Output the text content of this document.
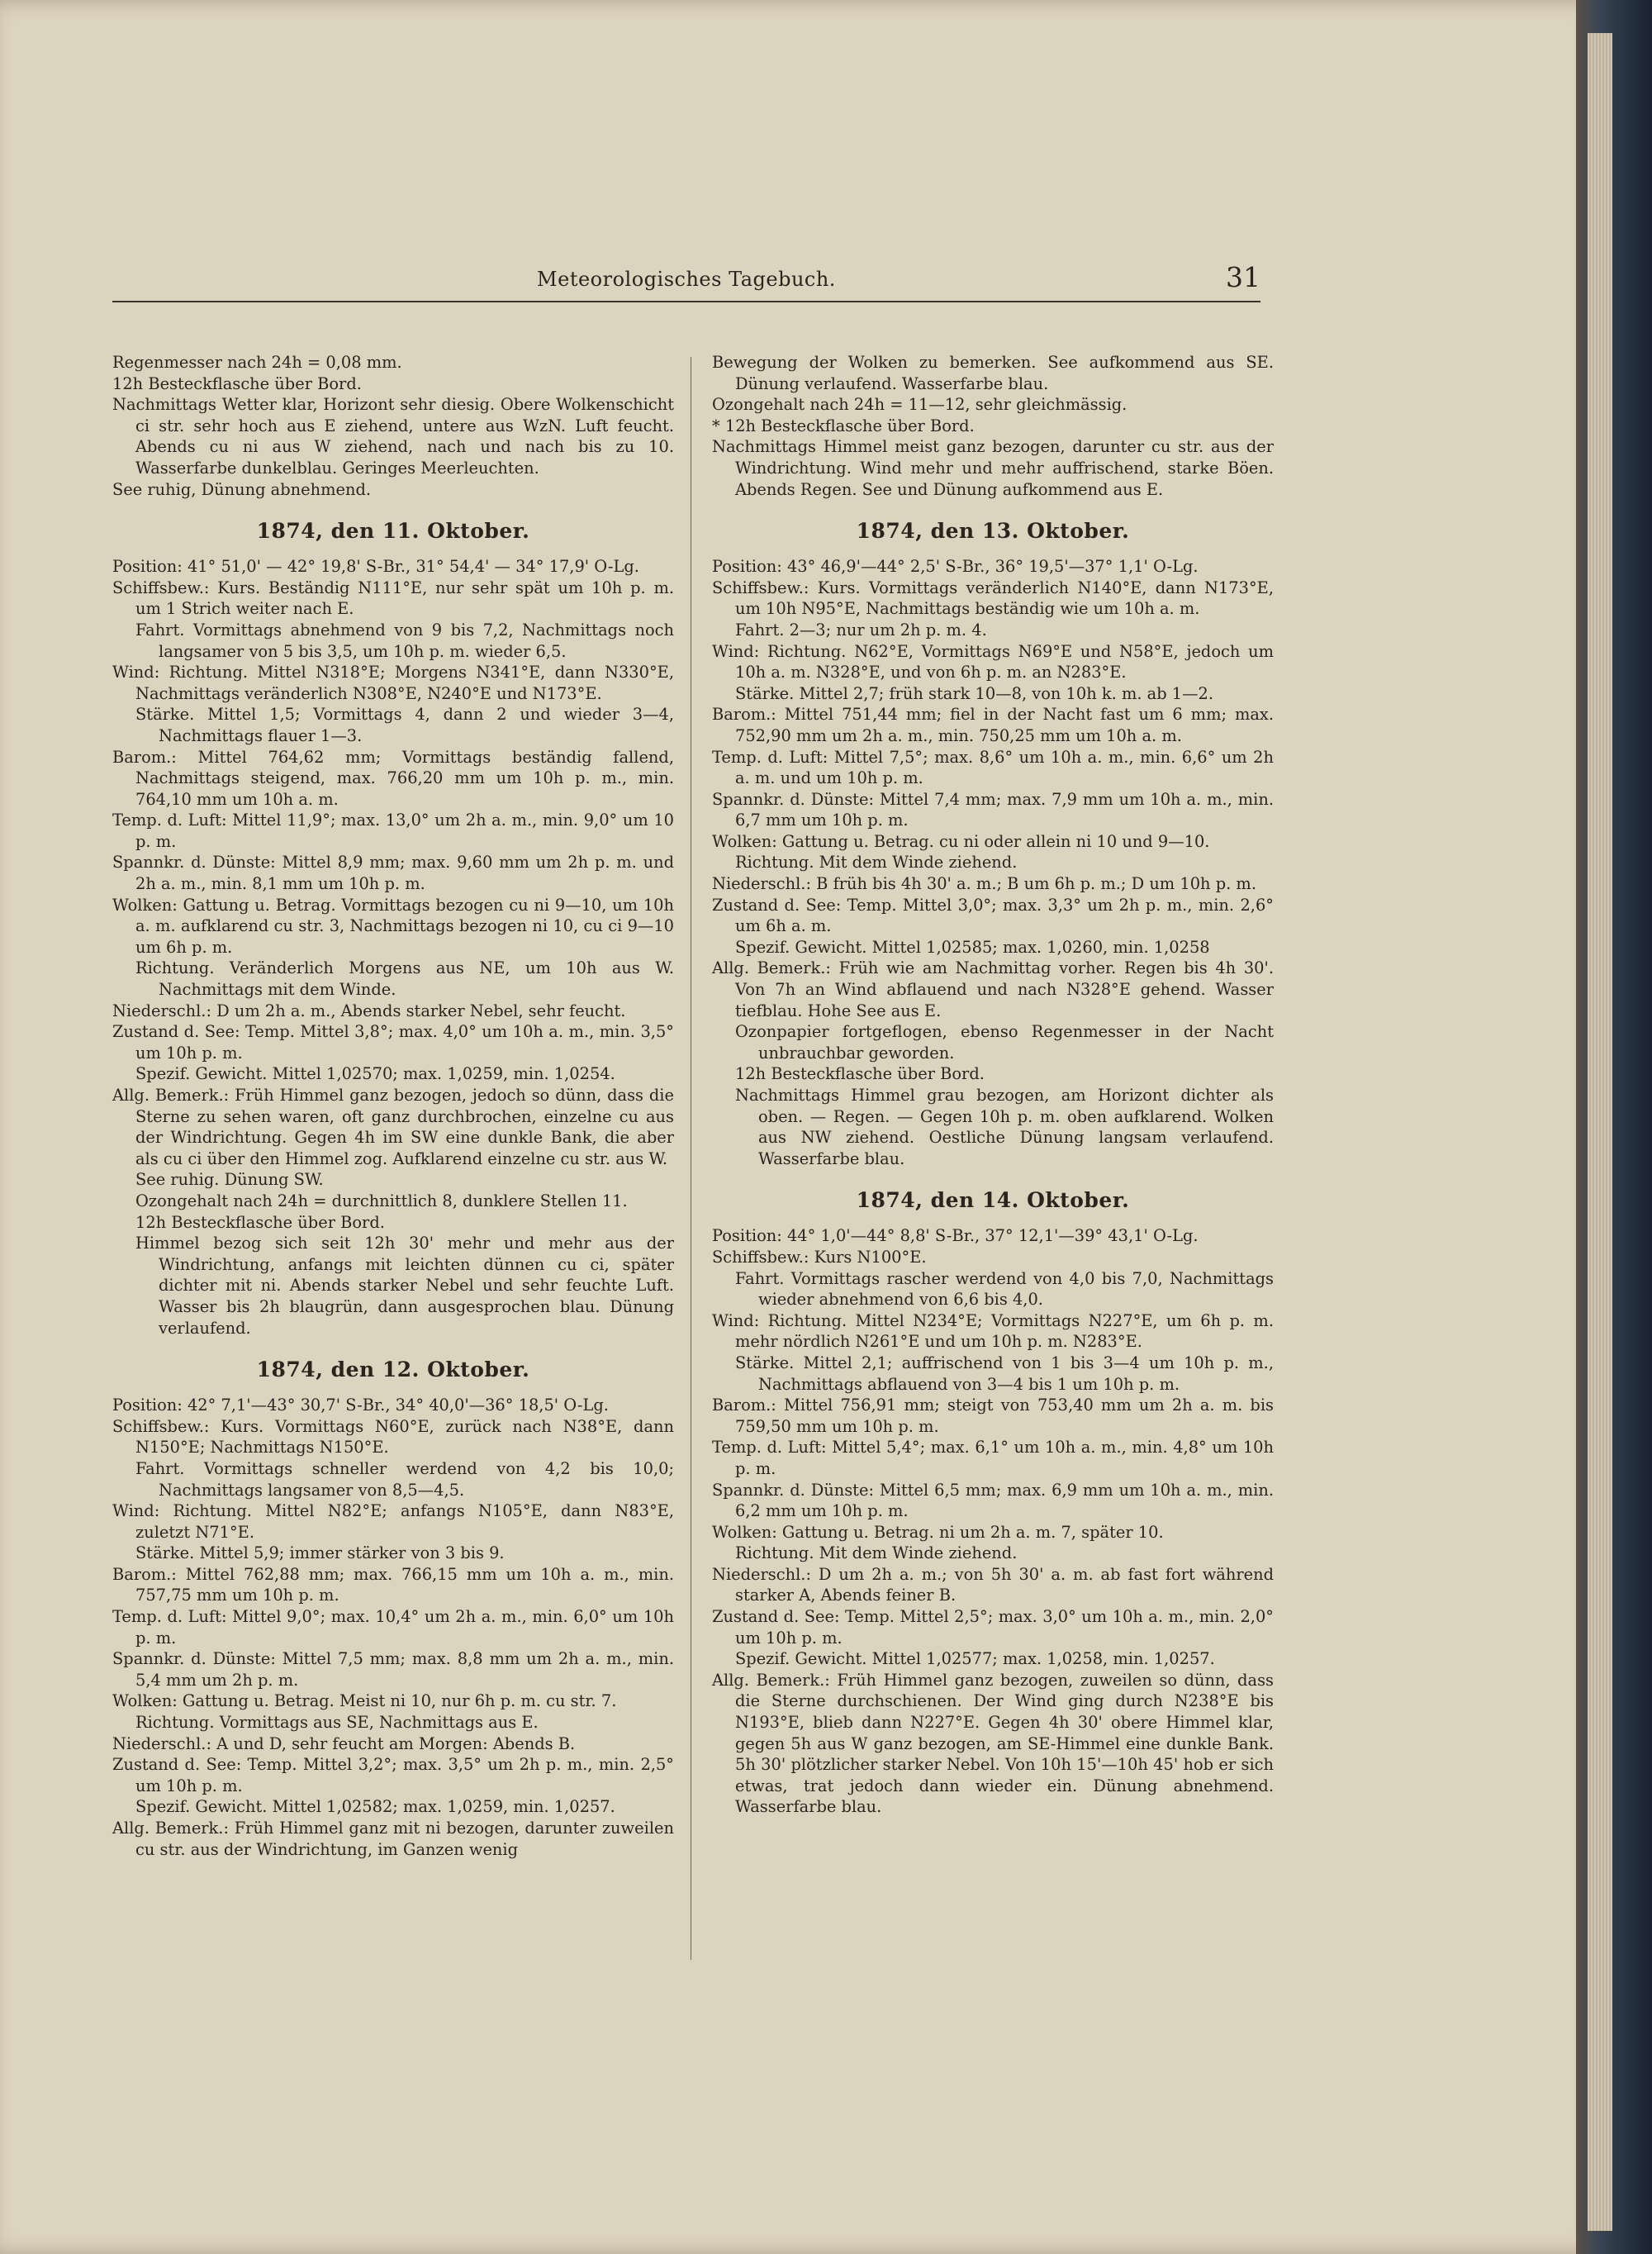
Meteorologisches Tagebuch.	31

Regenmesser nach 24h = 0,08 mm.

12h Besteckflasche über Bord.

Nachmittags Wetter klar, Horizont sehr diesig. Obere Wolkenschicht ci str. sehr hoch aus E ziehend, untere aus WzN. Luft feucht. Abends cu ni aus W ziehend, nach und nach bis zu 10. Wasserfarbe dunkelblau. Geringes Meerleuchten.

See ruhig, Dünung abnehmend.

1874, den 11. Oktober.

Position: 41° 51,0' — 42° 19,8' S-Br., 31° 54,4' — 34° 17,9' O-Lg.

Schiffsbew.: Kurs. Beständig N111°E, nur sehr spät um 10h p. m. um 1 Strich weiter nach E.

Fahrt. Vormittags abnehmend von 9 bis 7,2, Nachmittags noch langsamer von 5 bis 3,5, um 10h p. m. wieder 6,5.

Wind: Richtung. Mittel N318°E; Morgens N341°E, dann N330°E, Nachmittags veränderlich N308°E, N240°E und N173°E.

Stärke. Mittel 1,5; Vormittags 4, dann 2 und wieder 3—4, Nachmittags flauer 1—3.

Barom.: Mittel 764,62 mm; Vormittags beständig fallend, Nachmittags steigend, max. 766,20 mm um 10h p. m., min. 764,10 mm um 10h a. m.

Temp. d. Luft: Mittel 11,9°; max. 13,0° um 2h a. m., min. 9,0° um 10 p. m.

Spannkr. d. Dünste: Mittel 8,9 mm; max. 9,60 mm um 2h p. m. und 2h a. m., min. 8,1 mm um 10h p. m.

Wolken: Gattung u. Betrag. Vormittags bezogen cu ni 9—10, um 10h a. m. aufklarend cu str. 3, Nachmittags bezogen ni 10, cu ci 9—10 um 6h p. m.

Richtung. Veränderlich Morgens aus NE, um 10h aus W. Nachmittags mit dem Winde.

Niederschl.: D um 2h a. m., Abends starker Nebel, sehr feucht.

Zustand d. See: Temp. Mittel 3,8°; max. 4,0° um 10h a. m., min. 3,5° um 10h p. m.

Spezif. Gewicht. Mittel 1,02570; max. 1,0259, min. 1,0254.

Allg. Bemerk.: Früh Himmel ganz bezogen, jedoch so dünn, dass die Sterne zu sehen waren, oft ganz durchbrochen, einzelne cu aus der Windrichtung. Gegen 4h im SW eine dunkle Bank, die aber als cu ci über den Himmel zog. Aufklarend einzelne cu str. aus W.

See ruhig. Dünung SW.

Ozongehalt nach 24h = durchnittlich 8, dunklere Stellen 11.

12h Besteckflasche über Bord.

Himmel bezog sich seit 12h 30' mehr und mehr aus der Windrichtung, anfangs mit leichten dünnen cu ci, später dichter mit ni. Abends starker Nebel und sehr feuchte Luft. Wasser bis 2h blaugrün, dann ausgesprochen blau. Dünung verlaufend.

1874, den 12. Oktober.

Position: 42° 7,1'—43° 30,7' S-Br., 34° 40,0'—36° 18,5' O-Lg.

Schiffsbew.: Kurs. Vormittags N60°E, zurück nach N38°E, dann N150°E; Nachmittags N150°E.

Fahrt. Vormittags schneller werdend von 4,2 bis 10,0; Nachmittags langsamer von 8,5—4,5.

Wind: Richtung. Mittel N82°E; anfangs N105°E, dann N83°E, zuletzt N71°E.

Stärke. Mittel 5,9; immer stärker von 3 bis 9.

Barom.: Mittel 762,88 mm; max. 766,15 mm um 10h a. m., min. 757,75 mm um 10h p. m.

Temp. d. Luft: Mittel 9,0°; max. 10,4° um 2h a. m., min. 6,0° um 10h p. m.

Spannkr. d. Dünste: Mittel 7,5 mm; max. 8,8 mm um 2h a. m., min. 5,4 mm um 2h p. m.

Wolken: Gattung u. Betrag. Meist ni 10, nur 6h p. m. cu str. 7.

Richtung. Vormittags aus SE, Nachmittags aus E.

Niederschl.: A und D, sehr feucht am Morgen: Abends B.

Zustand d. See: Temp. Mittel 3,2°; max. 3,5° um 2h p. m., min. 2,5° um 10h p. m.

Spezif. Gewicht. Mittel 1,02582; max. 1,0259, min. 1,0257.

Allg. Bemerk.: Früh Himmel ganz mit ni bezogen, darunter zuweilen cu str. aus der Windrichtung, im Ganzen wenig

Bewegung der Wolken zu bemerken. See aufkommend aus SE. Dünung verlaufend. Wasserfarbe blau.

Ozongehalt nach 24h = 11—12, sehr gleichmässig.

* 12h Besteckflasche über Bord.

Nachmittags Himmel meist ganz bezogen, darunter cu str. aus der Windrichtung. Wind mehr und mehr auffrischend, starke Böen. Abends Regen. See und Dünung aufkommend aus E.

1874, den 13. Oktober.

Position: 43° 46,9'—44° 2,5' S-Br., 36° 19,5'—37° 1,1' O-Lg.

Schiffsbew.: Kurs. Vormittags veränderlich N140°E, dann N173°E, um 10h N95°E, Nachmittags beständig wie um 10h a. m.

Fahrt. 2—3; nur um 2h p. m. 4.

Wind: Richtung. N62°E, Vormittags N69°E und N58°E, jedoch um 10h a. m. N328°E, und von 6h p. m. an N283°E.

Stärke. Mittel 2,7; früh stark 10—8, von 10h k. m. ab 1—2.

Barom.: Mittel 751,44 mm; fiel in der Nacht fast um 6 mm; max. 752,90 mm um 2h a. m., min. 750,25 mm um 10h a. m.

Temp. d. Luft: Mittel 7,5°; max. 8,6° um 10h a. m., min. 6,6° um 2h a. m. und um 10h p. m.

Spannkr. d. Dünste: Mittel 7,4 mm; max. 7,9 mm um 10h a. m., min. 6,7 mm um 10h p. m.

Wolken: Gattung u. Betrag. cu ni oder allein ni 10 und 9—10.

Richtung. Mit dem Winde ziehend.

Niederschl.: B früh bis 4h 30' a. m.; B um 6h p. m.; D um 10h p. m.

Zustand d. See: Temp. Mittel 3,0°; max. 3,3° um 2h p. m., min. 2,6° um 6h a. m.

Spezif. Gewicht. Mittel 1,02585; max. 1,0260, min. 1,0258

Allg. Bemerk.: Früh wie am Nachmittag vorher. Regen bis 4h 30'. Von 7h an Wind abflauend und nach N328°E gehend. Wasser tiefblau. Hohe See aus E.

Ozonpapier fortgeflogen, ebenso Regenmesser in der Nacht unbrauchbar geworden.

12h Besteckflasche über Bord.

Nachmittags Himmel grau bezogen, am Horizont dichter als oben. — Regen. — Gegen 10h p. m. oben aufklarend. Wolken aus NW ziehend. Oestliche Dünung langsam verlaufend. Wasserfarbe blau.

1874, den 14. Oktober.

Position: 44° 1,0'—44° 8,8' S-Br., 37° 12,1'—39° 43,1' O-Lg.

Schiffsbew.: Kurs N100°E.

Fahrt. Vormittags rascher werdend von 4,0 bis 7,0, Nachmittags wieder abnehmend von 6,6 bis 4,0.

Wind: Richtung. Mittel N234°E; Vormittags N227°E, um 6h p. m. mehr nördlich N261°E und um 10h p. m. N283°E.

Stärke. Mittel 2,1; auffrischend von 1 bis 3—4 um 10h p. m., Nachmittags abflauend von 3—4 bis 1 um 10h p. m.

Barom.: Mittel 756,91 mm; steigt von 753,40 mm um 2h a. m. bis 759,50 mm um 10h p. m.

Temp. d. Luft: Mittel 5,4°; max. 6,1° um 10h a. m., min. 4,8° um 10h p. m.

Spannkr. d. Dünste: Mittel 6,5 mm; max. 6,9 mm um 10h a. m., min. 6,2 mm um 10h p. m.

Wolken: Gattung u. Betrag. ni um 2h a. m. 7, später 10.

Richtung. Mit dem Winde ziehend.

Niederschl.: D um 2h a. m.; von 5h 30' a. m. ab fast fort während starker A, Abends feiner B.

Zustand d. See: Temp. Mittel 2,5°; max. 3,0° um 10h a. m., min. 2,0° um 10h p. m.

Spezif. Gewicht. Mittel 1,02577; max. 1,0258, min. 1,0257.

Allg. Bemerk.: Früh Himmel ganz bezogen, zuweilen so dünn, dass die Sterne durchschienen. Der Wind ging durch N238°E bis N193°E, blieb dann N227°E. Gegen 4h 30' obere Himmel klar, gegen 5h aus W ganz bezogen, am SE-Himmel eine dunkle Bank. 5h 30' plötzlicher starker Nebel. Von 10h 15'—10h 45' hob er sich etwas, trat jedoch dann wieder ein. Dünung abnehmend. Wasserfarbe blau.
